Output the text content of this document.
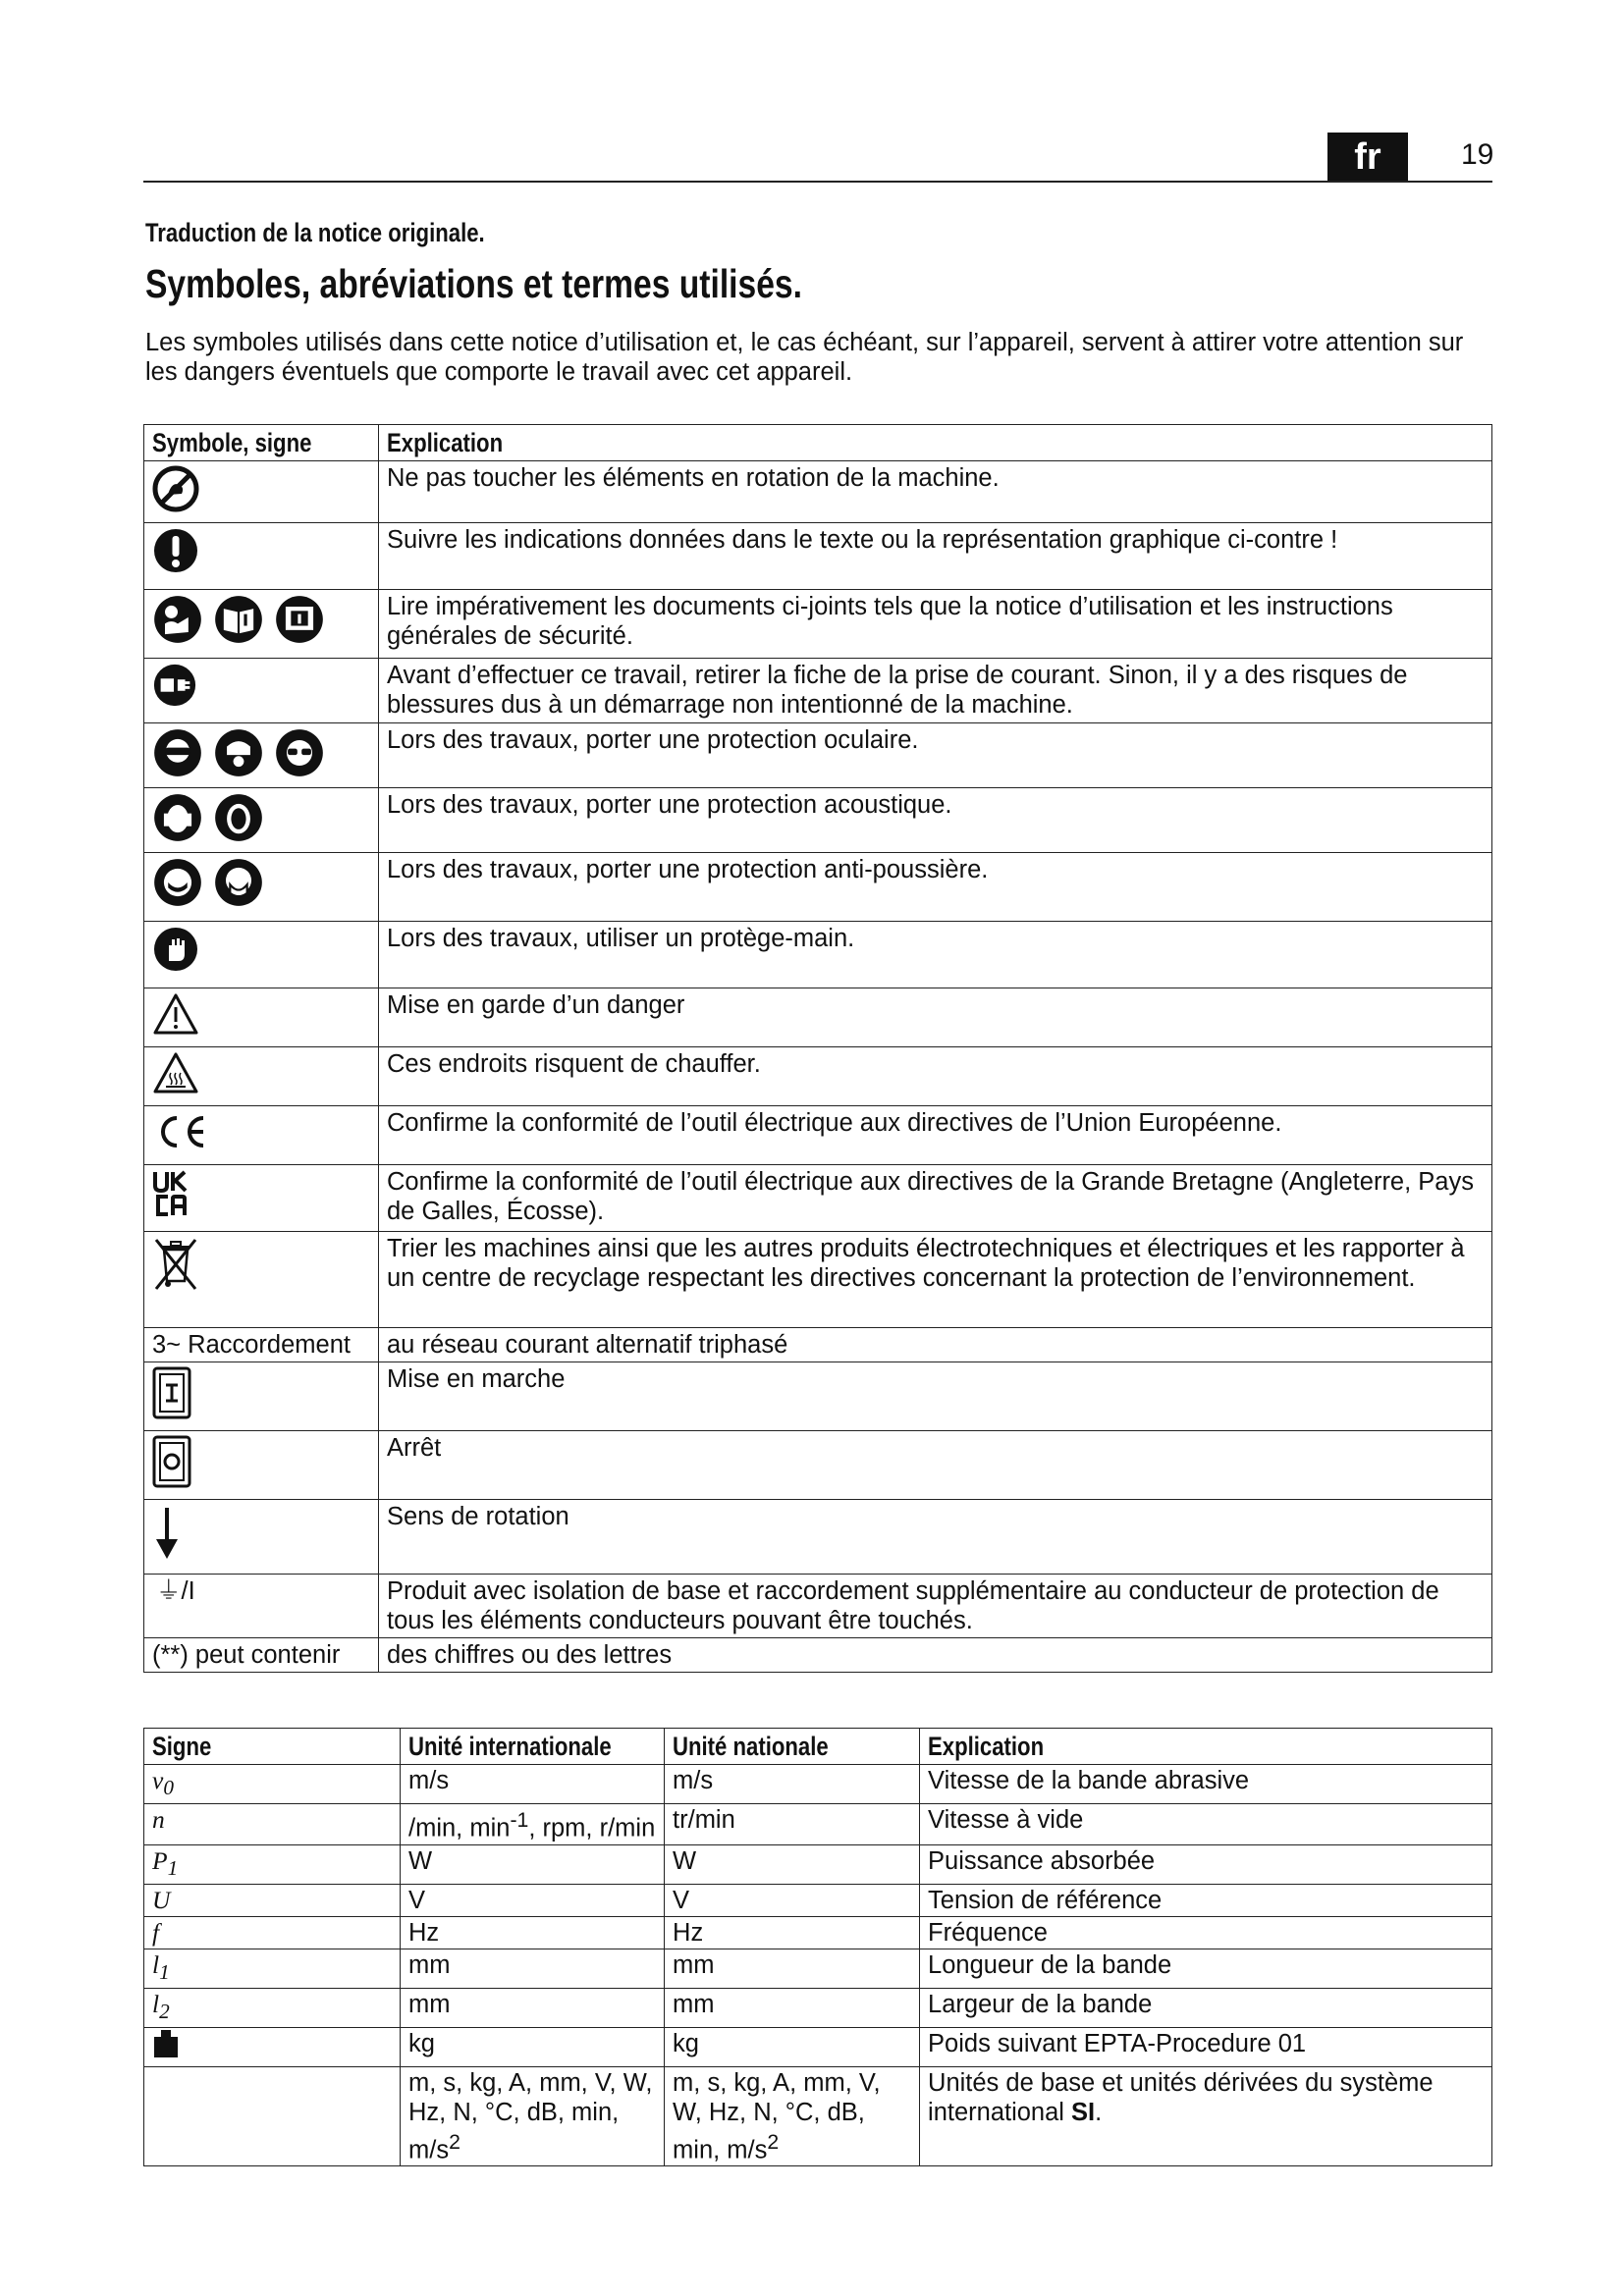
fr	19
Traduction de la notice originale.
Symboles, abréviations et termes utilisés.
Les symboles utilisés dans cette notice d’utilisation et, le cas échéant, sur l’appareil, servent à attirer votre attention sur les dangers éventuels que comporte le travail avec cet appareil.
Symbole, signe	Explication

	Ne pas toucher les éléments en rotation de la machine.

	Suivre les indications données dans le texte ou la représentation graphique ci-contre !

	Lire impérativement les documents ci-joints tels que la notice d’utilisation et les instructions générales de sécurité.

	Avant d’effectuer ce travail, retirer la fiche de la prise de courant. Sinon, il y a des risques de blessures dus à un démarrage non intentionné de la machine.

	Lors des travaux, porter une protection oculaire.

	Lors des travaux, porter une protection acoustique.

	Lors des travaux, porter une protection anti-poussière.

	Lors des travaux, utiliser un protège-main.
	Mise en garde d’un danger
	Ces endroits risquent de chauffer.
	Confirme la conformité de l’outil électrique aux directives de l’Union Européenne.
	Confirme la conformité de l’outil électrique aux directives de la Grande Bretagne (Angleterre, Pays de Galles, Écosse).
	Trier les machines ainsi que les autres produits électrotechniques et électriques et les rapporter à un centre de recyclage respectant les directives concernant la protection de l’environnement.
3~ Raccordement	au réseau courant alternatif triphasé
	Mise en marche
	Arrêt
	Sens de rotation
⏚/I	Produit avec isolation de base et raccordement supplémentaire au conducteur de protection de tous les éléments conducteurs pouvant être touchés.
(**) peut contenir	des chiffres ou des lettres
Signe	Unité internationale	Unité nationale	Explication
$v_0$	m/s	m/s	Vitesse de la bande abrasive
n	/min, $\min^{-1}$, rpm, r/min	tr/min	Vitesse à vide
$P_1$	W	W	Puissance absorbée
U	V	V	Tension de référence
f	Hz	Hz	Fréquence
$l_1$	mm	mm	Longueur de la bande
$l_2$	mm	mm	Largeur de la bande
	kg	kg	Poids suivant EPTA-Procedure 01
	m, s, kg, A, mm, V, W, Hz, N, °C, dB, min, $m/s^2$	m, s, kg, A, mm, V, W, Hz, N, °C, dB, min, $m/s^2$	Unités de base et unités dérivées du système international SI.
